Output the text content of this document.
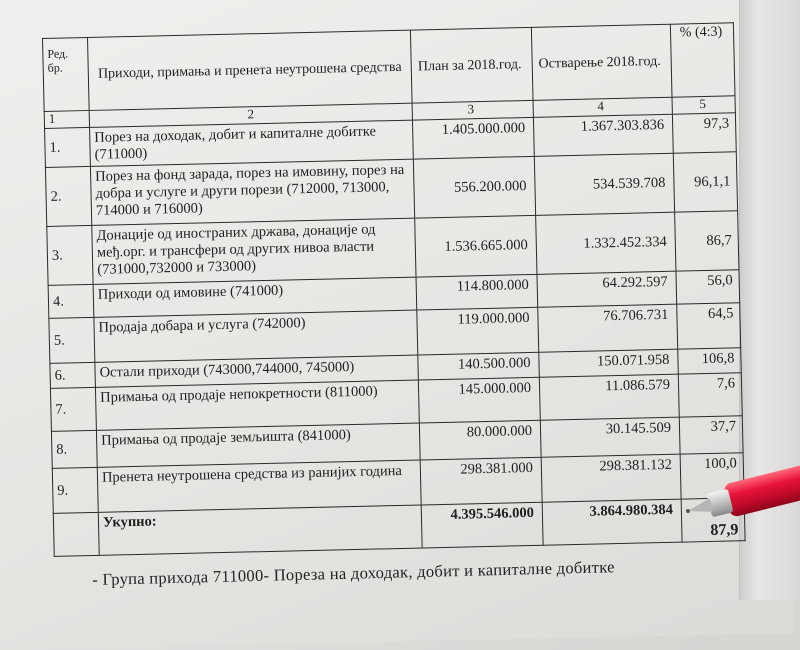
Ред. бр.	Приходи, примања и пренета неутрошена средства	План за 2018.год.	Остварење 2018.год.	% (4:3)
1	2	3	4	5
1.	Порез на доходак, добит и капиталне добитке (711000)	1.405.000.000	1.367.303.836	97,3
2.	Порез на фонд зарада, порез на имовину, порез на добра и услуге и други порези (712000, 713000, 714000 и 716000)	556.200.000	534.539.708	96,1,1
3.	Донације од иностраних држава, донације од међ.орг. и трансфери од других нивоа власти (731000,732000 и 733000)	1.536.665.000	1.332.452.334	86,7
4.	Приходи од имовине (741000)	114.800.000	64.292.597	56,0
5.	Продаја добара и услуга (742000)	119.000.000	76.706.731	64,5
6.	Остали приходи (743000,744000, 745000)	140.500.000	150.071.958	106,8
7.	Примања од продаје непокретности (811000)	145.000.000	11.086.579	7,6
8.	Примања од продаје земљишта (841000)	80.000.000	30.145.509	37,7
9.	Пренета неутрошена средства из ранијих година	298.381.000	298.381.132	100,0
	Укупно:	4.395.546.000	3.864.980.384	87,9
- Група прихода 711000- Пореза на доходак, добит и капиталне добитке
